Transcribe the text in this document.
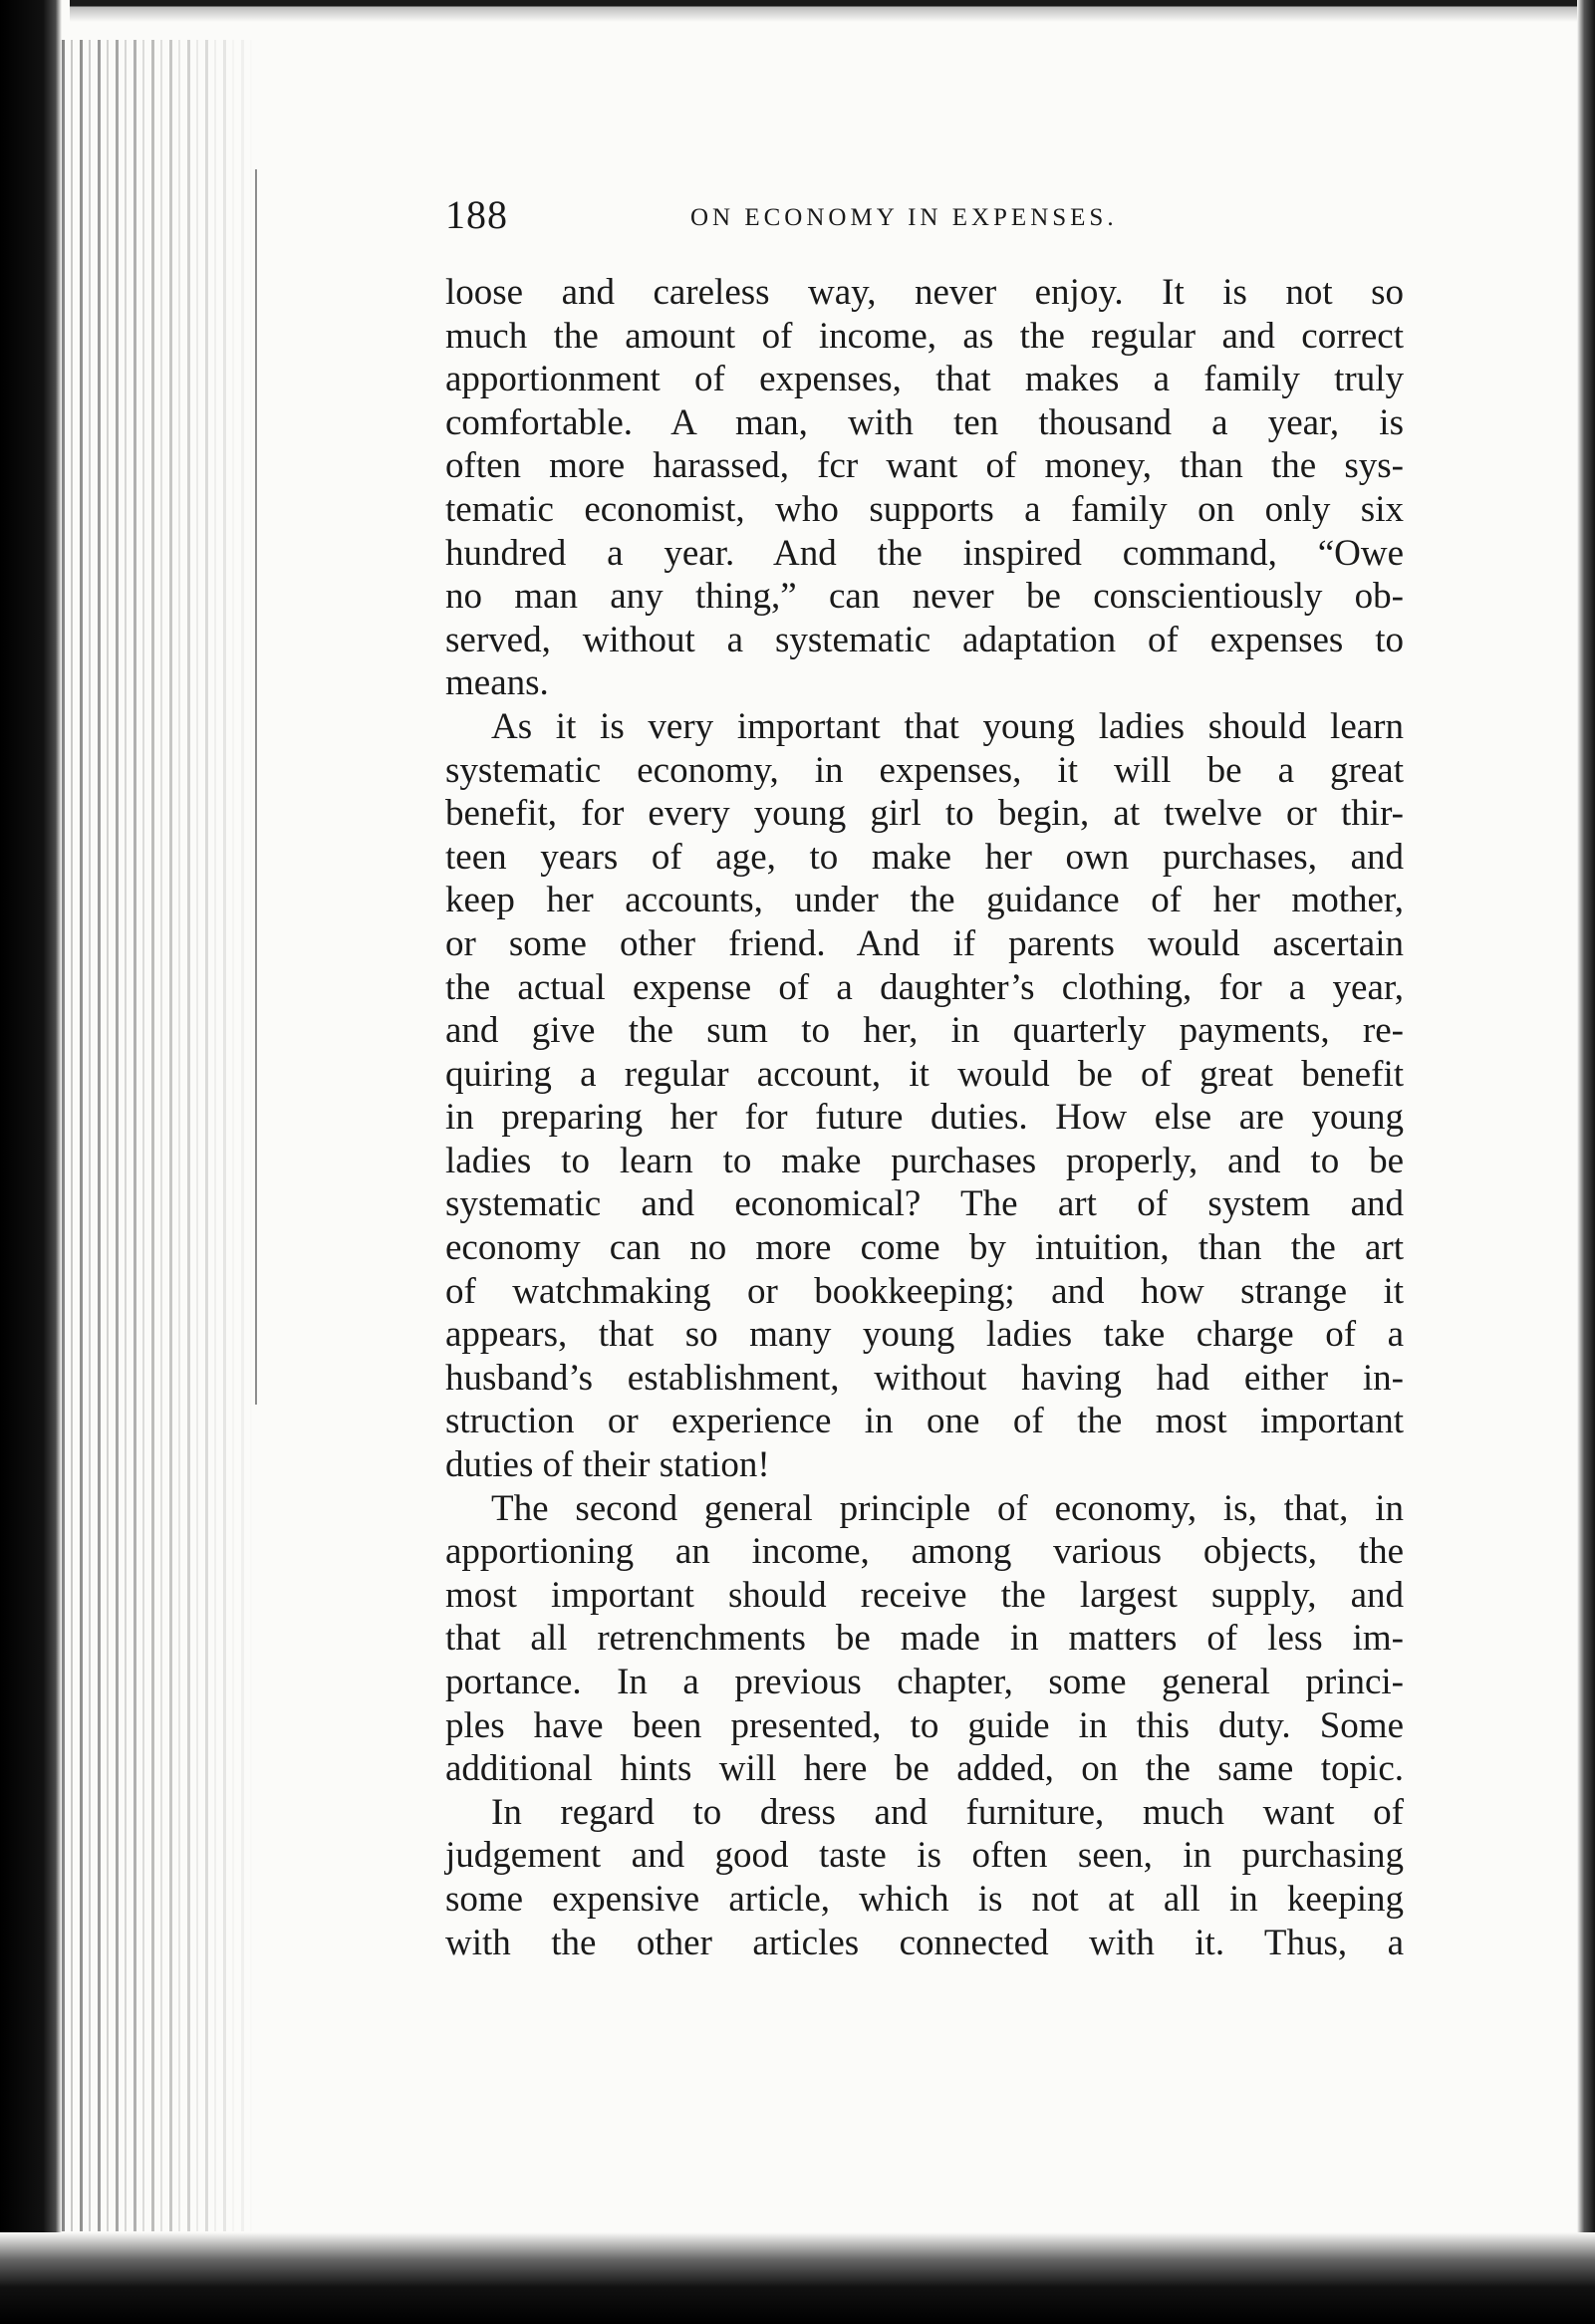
188	ON ECONOMY IN EXPENSES.
loose and careless way, never enjoy. It is not so
much the amount of income, as the regular and correct
apportionment of expenses, that makes a family truly
comfortable. A man, with ten thousand a year, is
often more harassed, fcr want of money, than the sys-
tematic economist, who supports a family on only six
hundred a year. And the inspired command, “Owe
no man any thing,” can never be conscientiously ob-
served, without a systematic adaptation of expenses to
means.
As it is very important that young ladies should learn
systematic economy, in expenses, it will be a great
benefit, for every young girl to begin, at twelve or thir-
teen years of age, to make her own purchases, and
keep her accounts, under the guidance of her mother,
or some other friend. And if parents would ascertain
the actual expense of a daughter’s clothing, for a year,
and give the sum to her, in quarterly payments, re-
quiring a regular account, it would be of great benefit
in preparing her for future duties. How else are young
ladies to learn to make purchases properly, and to be
systematic and economical? The art of system and
economy can no more come by intuition, than the art
of watchmaking or bookkeeping; and how strange it
appears, that so many young ladies take charge of a
husband’s establishment, without having had either in-
struction or experience in one of the most important
duties of their station!
The second general principle of economy, is, that, in
apportioning an income, among various objects, the
most important should receive the largest supply, and
that all retrenchments be made in matters of less im-
portance. In a previous chapter, some general princi-
ples have been presented, to guide in this duty. Some
additional hints will here be added, on the same topic.
In regard to dress and furniture, much want of
judgement and good taste is often seen, in purchasing
some expensive article, which is not at all in keeping
with the other articles connected with it. Thus, a
